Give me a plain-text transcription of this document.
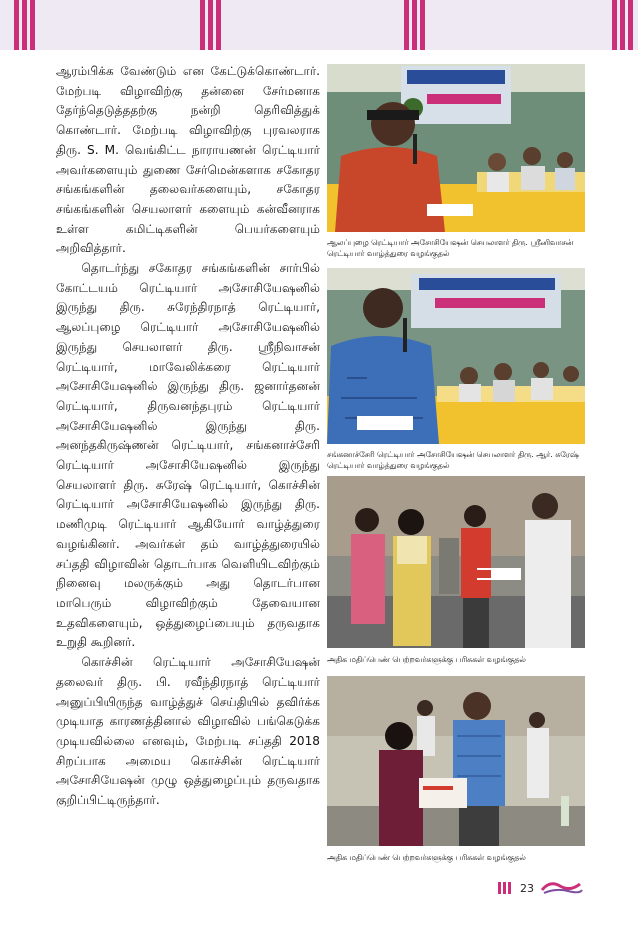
ஆரம்பிக்க வேண்டும் என கேட்டுக்கொண்டார். மேற்படி விழாவிற்கு தன்னை சேர்மனாக தேர்ந்தெடுத்ததற்கு நன்றி தெரிவித்துக் கொண்டார். மேற்படி விழாவிற்கு புரவலராக திரு. S. M. வெங்கிட்ட நாராயணன் ரெட்டியார் அவர்களையும் துணை சேர்மென்களாக சகோதர சங்கங்களின் தலைவர்களையும், சகோதர சங்கங்களின் செயலாளர் களையும் கன்வீனராக உள்ள கமிட்டிகளின் பெயர்களையும் அறிவித்தார்.

தொடர்ந்து சகோதர சங்கங்களின் சார்பில் கோட்டயம் ரெட்டியார் அசோசியேஷனில் இருந்து திரு. சுரேந்திரநாத் ரெட்டியார், ஆலப்புழை ரெட்டியார் அசோசியேஷனில் இருந்து செயலாளர் திரு. ஸ்ரீநிவாசன் ரெட்டியார், மாவேலிக்கரை ரெட்டியார் அசோசியேஷனில் இருந்து திரு. ஜனார்தனன் ரெட்டியார், திருவனந்தபுரம் ரெட்டியார் அசோசியேஷனில் இருந்து திரு. அனந்தகிருஷ்ணன் ரெட்டியார், சங்கனாச்சேரி ரெட்டியார் அசோசியேஷனில் இருந்து செயலாளர் திரு. சுரேஷ் ரெட்டியார், கொச்சின் ரெட்டியார் அசோசியேஷனில் இருந்து திரு. மணிமுடி ரெட்டியார் ஆகியோர் வாழ்த்துரை வழங்கினர். அவர்கள் தம் வாழ்த்துரையில் சப்ததி விழாவின் தொடர்பாக வெளியிடவிற்கும் நினைவு மலருக்கும் அது தொடர்பான மாபெரும் விழாவிற்கும் தேவையான உதவிகளையும், ஒத்துழைப்பையும் தருவதாக உறுதி கூறினர்.

கொச்சின் ரெட்டியார் அசோசியேஷன் தலைவர் திரு. பி. ரவீந்திரநாத் ரெட்டியார் அனுப்பியிருந்த வாழ்த்துச் செய்தியில் தவிர்க்க முடியாத காரணத்தினால் விழாவில் பங்கெடுக்க முடியவில்லை எனவும், மேற்படி சப்ததி 2018 சிறப்பாக அமைய கொச்சின் ரெட்டியார் அசோசியேஷன் முழு ஒத்துழைப்பும் தருவதாக குறிப்பிட்டிருந்தார்.

ஆலப்புழை ரெட்டியார் அசோசியேஷன் செயலாளர் திரு. ஸ்ரீனிவாசன் ரெட்டியார் வாழ்த்துரை வழங்குதல்
சங்கனாச்சேரி ரெட்டியார் அசோசியேஷன் செயலாளர் திரு. ஆர். சுரேஷ் ரெட்டியார் வாழ்த்துரை வழங்குதல்
அதிக மதிப்பெண் பெற்றவர்களுக்கு பரிசுகள் வழங்குதல்
அதிக மதிப்பெண் பெற்றவர்களுக்கு பரிசுகள் வழங்குதல்
23
